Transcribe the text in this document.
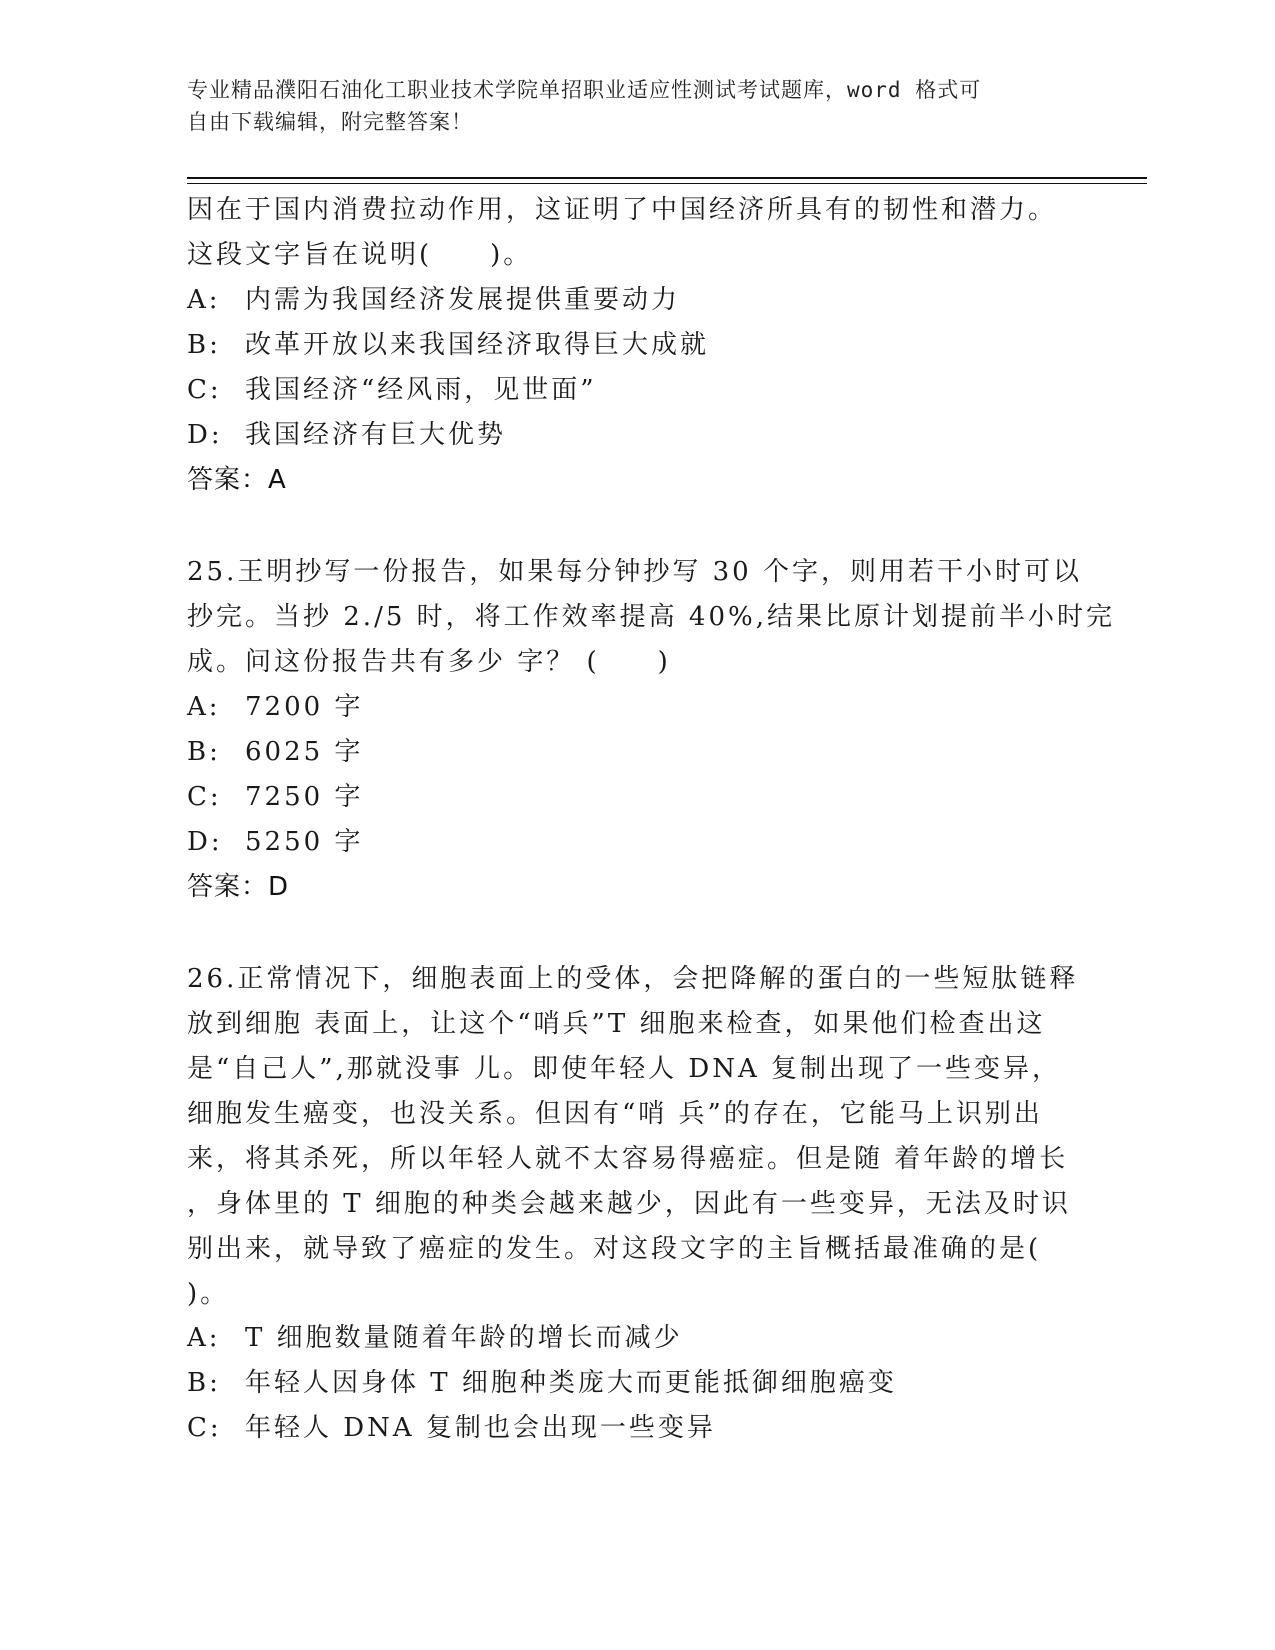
专业精品濮阳石油化工职业技术学院单招职业适应性测试考试题库，word 格式可
自由下载编辑，附完整答案！
因在于国内消费拉动作用，这证明了中国经济所具有的韧性和潜力。
这段文字旨在说明(　　)。
A: 内需为我国经济发展提供重要动力
B: 改革开放以来我国经济取得巨大成就
C: 我国经济“经风雨，见世面”
D: 我国经济有巨大优势
答案：A
25.王明抄写一份报告，如果每分钟抄写 30 个字，则用若干小时可以
抄完。当抄 2./5 时，将工作效率提高 40%,结果比原计划提前半小时完
成。问这份报告共有多少 字？ (　　)
A: 7200 字
B: 6025 字
C: 7250 字
D: 5250 字
答案：D
26.正常情况下，细胞表面上的受体，会把降解的蛋白的一些短肽链释
放到细胞 表面上，让这个“哨兵”T 细胞来检查，如果他们检查出这
是“自己人”,那就没事 儿。即使年轻人 DNA 复制出现了一些变异，
细胞发生癌变，也没关系。但因有“哨 兵”的存在，它能马上识别出
来，将其杀死，所以年轻人就不太容易得癌症。但是随 着年龄的增长
，身体里的 T 细胞的种类会越来越少，因此有一些变异，无法及时识
别出来，就导致了癌症的发生。对这段文字的主旨概括最准确的是(
)。
A: T 细胞数量随着年龄的增长而减少
B: 年轻人因身体 T 细胞种类庞大而更能抵御细胞癌变
C: 年轻人 DNA 复制也会出现一些变异
